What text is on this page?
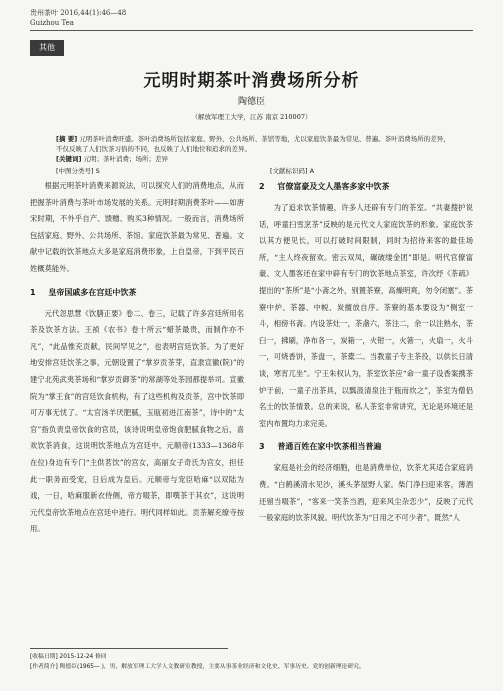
贵州茶叶 2016,44(1):46—48
Guizhou Tea
其他
元明时期茶叶消费场所分析
陶德臣
（解放军理工大学，江苏 南京 210007）

[摘 要] 元明茶叶消费旺盛。茶叶消费场所包括家庭、野外、公共场所、茶馆等地，尤以家庭饮茶最为常见、普遍。茶叶消费场所的差异，不仅反映了人们饮茶习俗的不同，也反映了人们地位和追求的差异。

[关键词] 元明；茶叶消费；场所；差异

[中图分类号] S	[文献标识码] A

根据元明茶叶消费来源说法，可以探究人们的消费地点，从而把握茶叶消费与茶叶市场发展的关系。元明时期消费茶叶——如唐宋时期，不外乎自产、馈赠、购买3种情况。一般而言，消费场所包括家庭、野外、公共场所、茶馆。家庭饮茶最为常见、普遍。文献中记载的饮茶地点大多是家庭消费形象，上自皇帝，下到平民百姓概莫能外。

1 皇帝国戚多在宫廷中饮茶

元代忽思慧《饮膳正要》卷二、卷三，记载了许多宫廷所用名茶及饮茶方法。王祯《农书》卷十所云“蜡茶最贵，而制作亦不凡”，“此品惟充贡献，民间罕见之”，也表明宫廷饮茶。为了更好地安排宫廷饮茶之事，元朝设置了“掌岁贡茶芽，直隶宣徽(院)”的建宁北苑武夷茶场和“掌岁贡御茶”的常湖等处茶园都提举司。宣徽院为“掌王食”的宫廷饮食机构，有了这些机构及贡茶，宫中饮茶即可万事无忧了。“太官汤羊厌肥腻，玉瓯初进江南茶”，诗中的“太官”指负责皇帝饮食的官员，该诗说明皇帝饱食肥腻食物之后，喜欢饮茶消食，这说明饮茶地点为宫廷中。元顺帝(1333—1368年在位)身边有专门“主供茗饮”的宫女，高丽女子奇氏为宫女，担任此一职务而受宠，日后成为皇后。元顺帝与宠臣哈麻“以双陆为戏，一日，哈麻服新衣侍侧，帝方啜茶，即噀茶于其衣”，这说明元代皇帝饮茶地点在宫廷中进行。明代同样如此。贡茶解充缭寺按用。

2 官僚富豪及文人墨客多家中饮茶

为了追求饮茶情趣，许多人还辟有专门的茶室。“共妻搜护说话，呼童扫雪烹茶”反映的是元代文人家庭饮茶的形象。家庭饮茶以其方便见长，可以打破时间限制，同时为招待来客的最佳场所，“主人终夜留欢。密云双凤，碾破缕金团”即是。明代官僚富豪、文人墨客还在家中辟有专门的饮茶地点茶室，许次纾《茶疏》提出的“茶所”是“小斋之外，别置茶寮，高燥明爽，勿令闭塞”。茶寮中炉、茶器、中帨、炭擅放自序。茶寮的基本要设为“侧室一斗，相傍书斋。内设茶灶一，茶盏六，茶注二，余一以注熟水，茶臼一，拂刷，净布各一，炭箱一，火钳一，火箸一，火扇一，火斗一，可烧香饼，茶盘一，茶橐二。当教童子专主茶役，以供长日清谈，寒宵兀坐”。宁王朱权认为，茶室饮茶应“命一童子设香案携茶炉于前，一童子出茶具，以瓢汲清泉注于瓶而炊之”，茶室为僧侣名士的饮茶情景。总的来说，私人茶室非常讲究，无论是环境还是室内布置均力求完美。

3 普通百姓在家中饮茶相当普遍

家庭是社会的经济细胞，也是消费单位，饮茶尤其适合家庭消费。“白鹤溪清水见沙，溪头茅屋野人家。柴门净扫迎来客，薄酒还留当啜茶”，“客来一笑茶当酒，迎来风尘杂恋少”，反映了元代一般家庭的饮茶风貌。明代饮茶为“日用之不可少者”，既然“人

[收稿日期] 2015-12-24 修回

[作者简介] 陶德臣(1965— )，男，解放军理工大学人文教研室教授，主要从事茶业经济和文化史、军事历史、党的创新理论研究。
